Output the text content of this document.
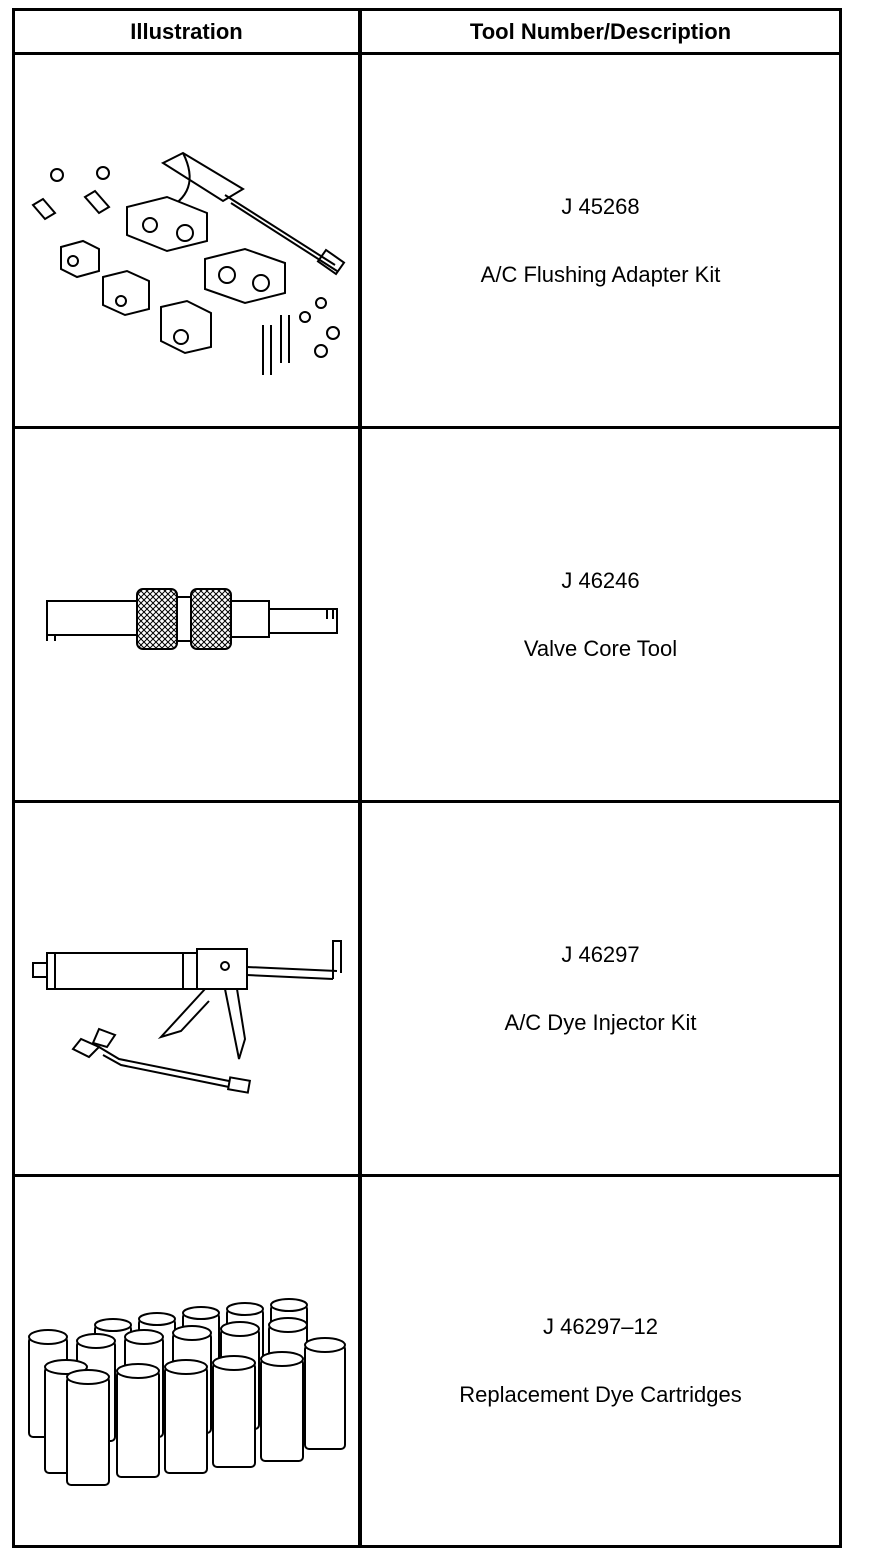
Illustration	Tool Number/Description
J 45268
A/C Flushing Adapter Kit
J 46246
Valve Core Tool
J 46297
A/C Dye Injector Kit
J 46297–12
Replacement Dye Cartridges
